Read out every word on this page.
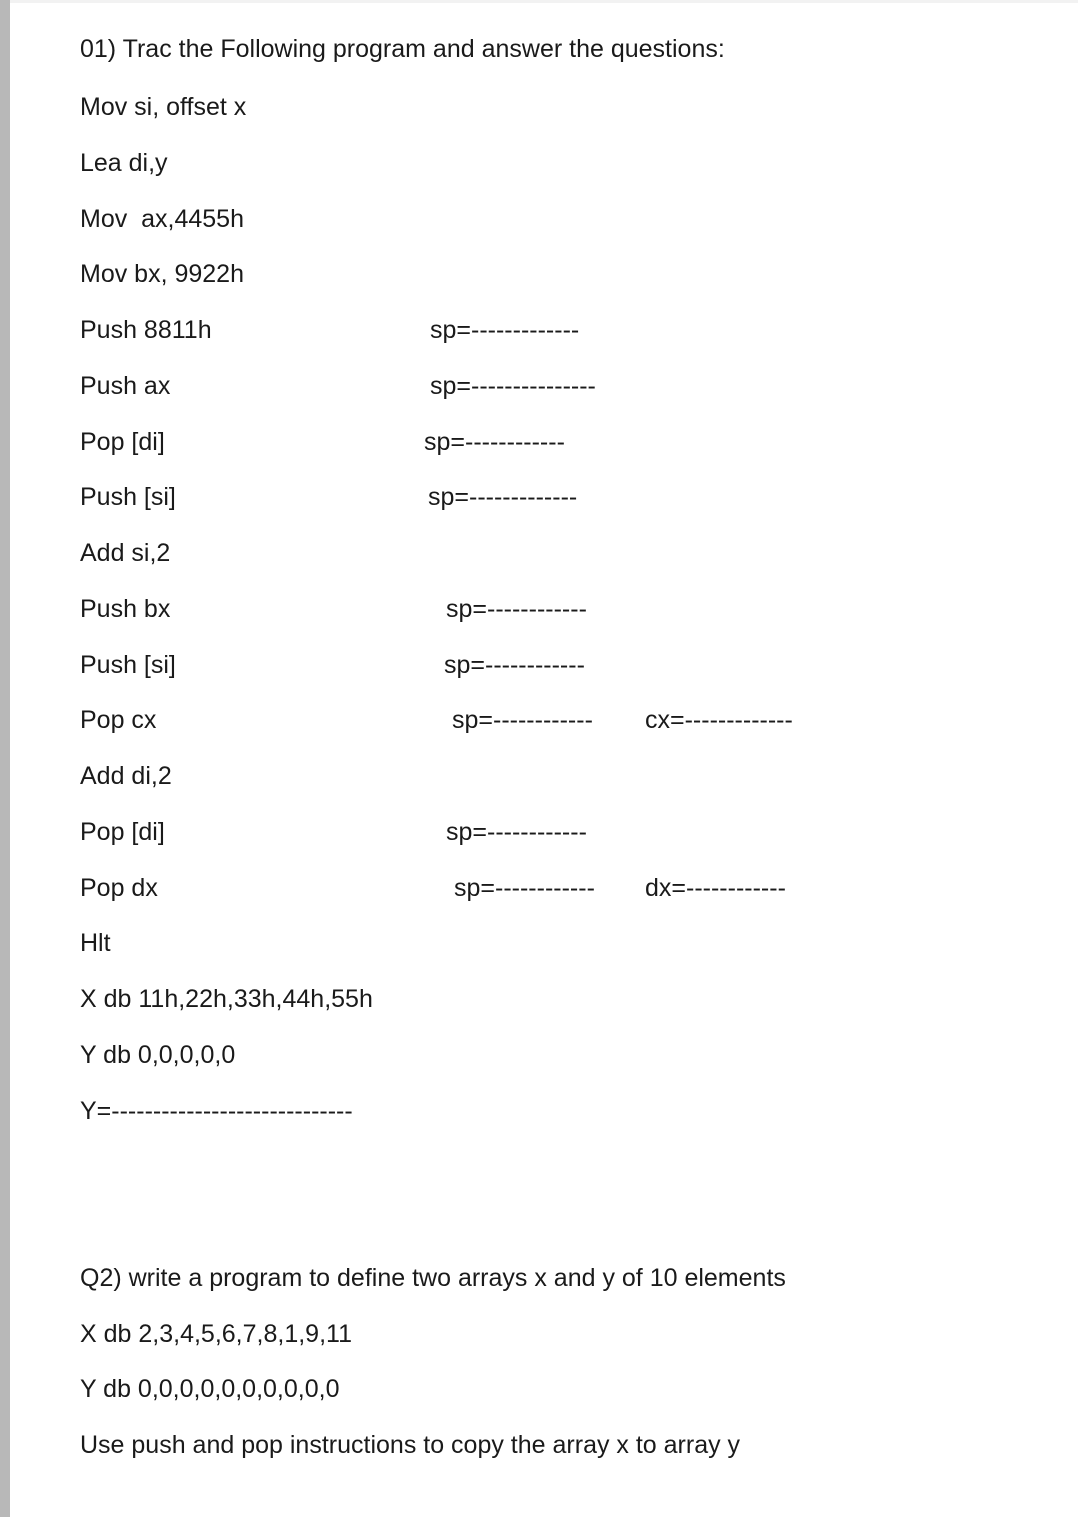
01) Trac the Following program and answer the questions:
Mov si, offset x
Lea di,y
Mov  ax,4455h
Mov bx, 9922h
Push 8811h
Push ax
Pop [di]
Push [si]
Add si,2
Push bx
Push [si]
Pop cx
Add di,2
Pop [di]
Pop dx
Hlt
X db 11h,22h,33h,44h,55h
Y db 0,0,0,0,0
sp=-------------
sp=---------------
sp=------------
sp=-------------
sp=------------
sp=------------
sp=------------ cx=-------------
sp=------------
sp=------------ dx=------------
Y=-----------------------------
Q2) write a program to define two arrays x and y of 10 elements
X db 2,3,4,5,6,7,8,1,9,11
Y db 0,0,0,0,0,0,0,0,0,0
Use push and pop instructions to copy the array x to array y
